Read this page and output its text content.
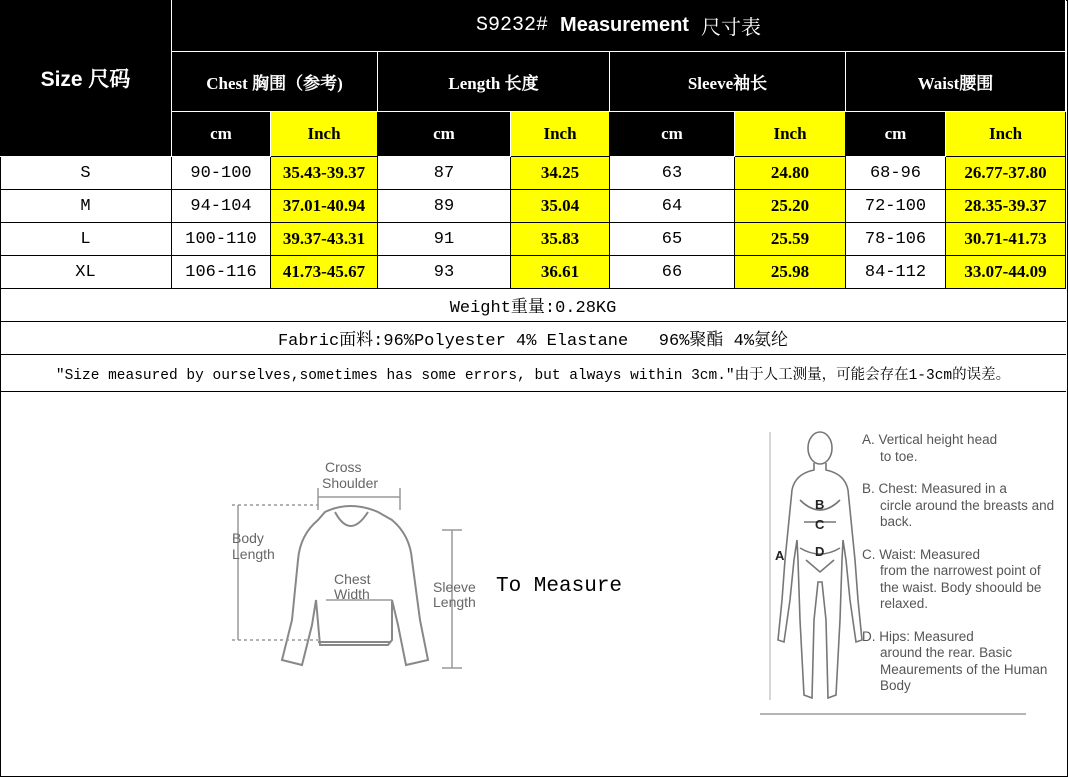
Size 尺码
S9232#
Measurement
尺寸表
Chest 胸围（参考)	Length 长度	Sleeve袖长	Waist腰围
cm	Inch	cm	Inch	cm	Inch	cm	Inch
S	90-100	35.43-39.37	87	34.25	63	24.80	68-96	26.77-37.80
M	94-104	37.01-40.94	89	35.04	64	25.20	72-100	28.35-39.37
L	100-110	39.37-43.31	91	35.83	65	25.59	78-106	30.71-41.73
XL	106-116	41.73-45.67	93	36.61	66	25.98	84-112	33.07-44.09
Weight重量:0.28KG
Fabric面料:96%Polyester 4% Elastane   96%聚酯 4%氨纶
"Size measured by ourselves,sometimes has some errors, but always within 3cm."由于人工测量，可能会存在1-3cm的误差。
Cross
Shoulder
Body
Length
Chest
Width	Sleeve
Length
A
B
C
D
To Measure

A. Vertical height head
to toe.

B. Chest: Measured in a
circle around the breasts and back.

C. Waist: Measured
from the narrowest point of the waist. Body shoould be relaxed.

D. Hips: Measured
around the rear. Basic Meaurements of the Human Body
